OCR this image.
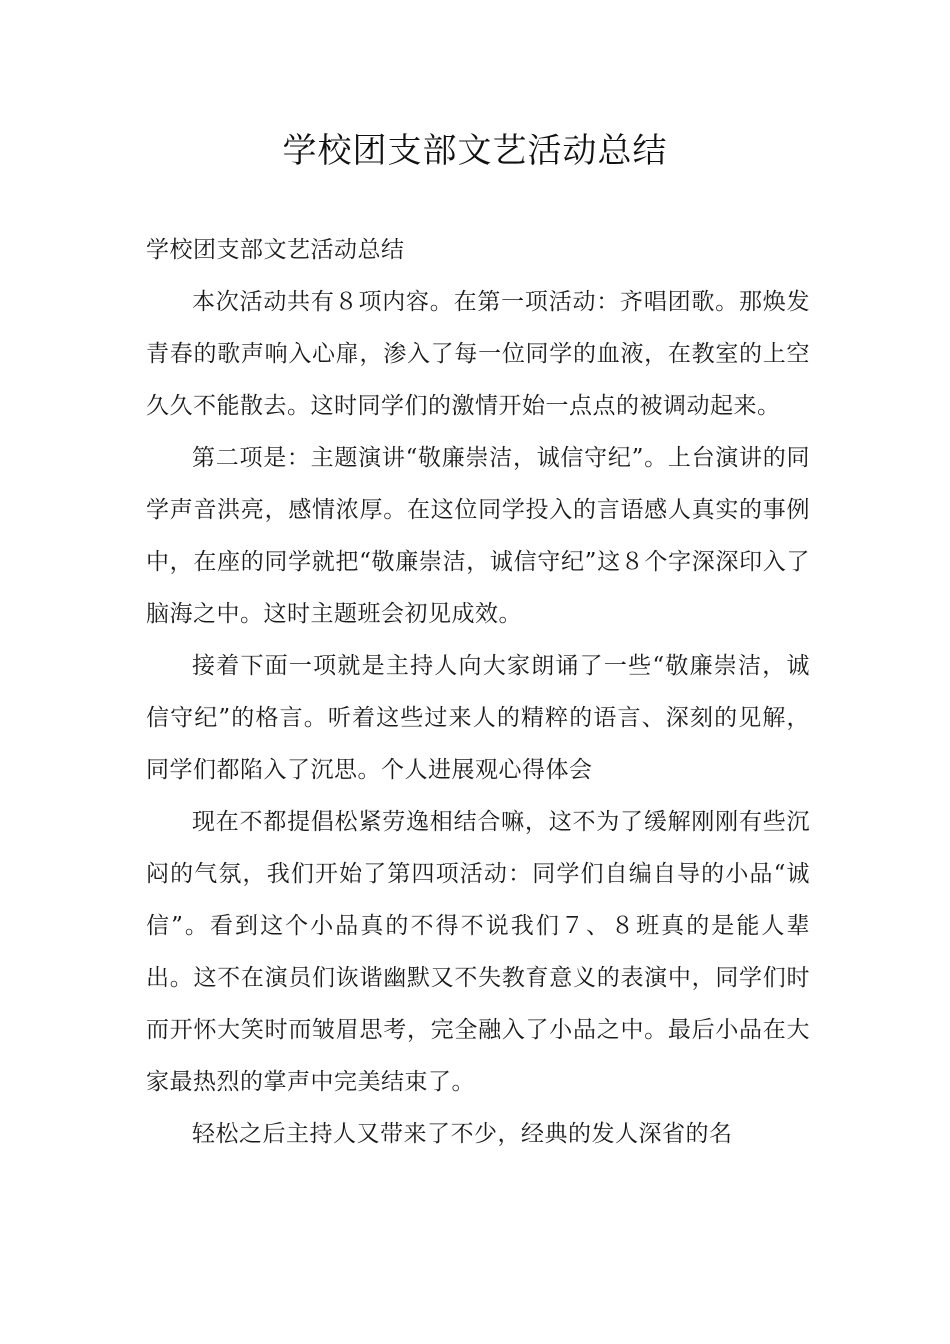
学校团支部文艺活动总结

学校团支部文艺活动总结

本次活动共有８项内容。在第一项活动：齐唱团歌。那焕发青春的歌声响入心扉，渗入了每一位同学的血液，在教室的上空久久不能散去。这时同学们的激情开始一点点的被调动起来。

第二项是：主题演讲“敬廉崇洁，诚信守纪”。上台演讲的同学声音洪亮，感情浓厚。在这位同学投入的言语感人真实的事例中，在座的同学就把“敬廉崇洁，诚信守纪”这８个字深深印入了脑海之中。这时主题班会初见成效。

接着下面一项就是主持人向大家朗诵了一些“敬廉崇洁，诚信守纪”的格言。听着这些过来人的精粹的语言、深刻的见解，同学们都陷入了沉思。个人进展观心得体会

现在不都提倡松紧劳逸相结合嘛，这不为了缓解刚刚有些沉闷的气氛，我们开始了第四项活动：同学们自编自导的小品“诚信”。看到这个小品真的不得不说我们７、８班真的是能人辈出。这不在演员们诙谐幽默又不失教育意义的表演中，同学们时而开怀大笑时而皱眉思考，完全融入了小品之中。最后小品在大家最热烈的掌声中完美结束了。

轻松之后主持人又带来了不少，经典的发人深省的名
